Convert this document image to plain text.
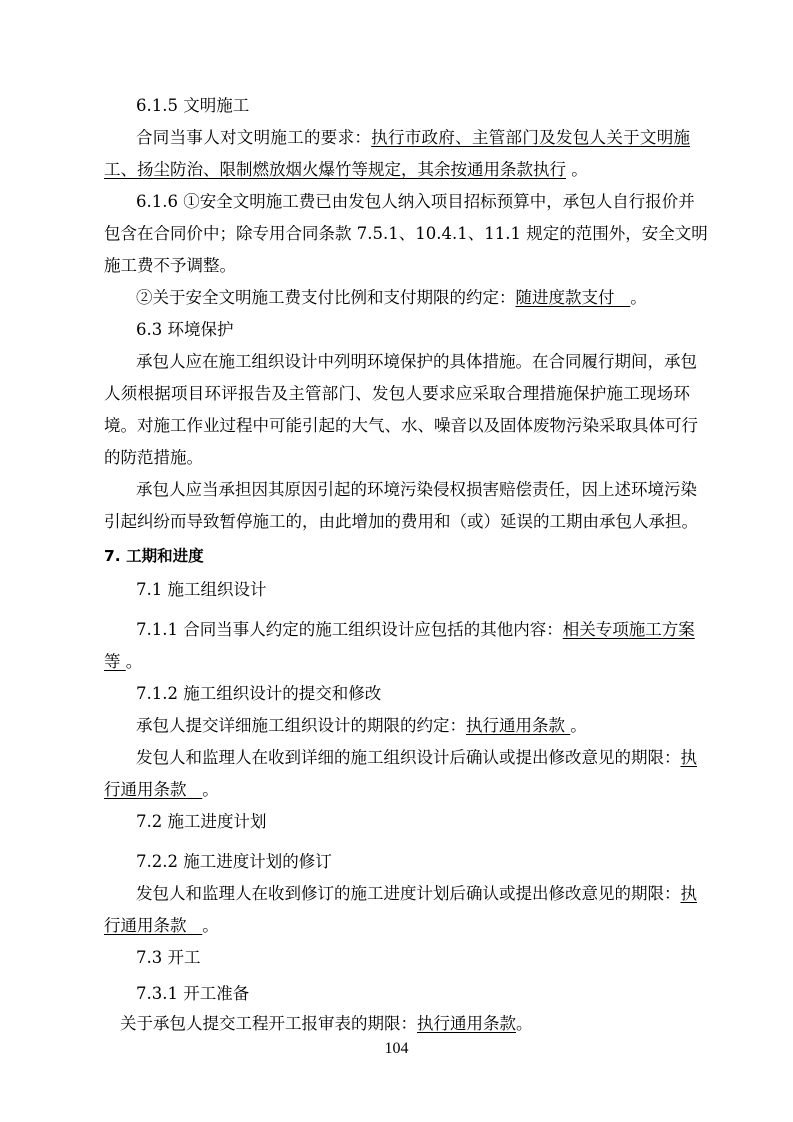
6.1.5 文明施工
合同当事人对文明施工的要求：执行市政府、主管部门及发包人关于文明施
工、扬尘防治、限制燃放烟火爆竹等规定，其余按通用条款执行 。
6.1.6 ①安全文明施工费已由发包人纳入项目招标预算中，承包人自行报价并
包含在合同价中；除专用合同条款 7.5.1、10.4.1、11.1 规定的范围外，安全文明
施工费不予调整。
②关于安全文明施工费支付比例和支付期限的约定：随进度款支付   。
6.3 环境保护
承包人应在施工组织设计中列明环境保护的具体措施。在合同履行期间，承包
人须根据项目环评报告及主管部门、发包人要求应采取合理措施保护施工现场环
境。对施工作业过程中可能引起的大气、水、噪音以及固体废物污染采取具体可行
的防范措施。
承包人应当承担因其原因引起的环境污染侵权损害赔偿责任，因上述环境污染
引起纠纷而导致暂停施工的，由此增加的费用和（或）延误的工期由承包人承担。
7. 工期和进度
7.1 施工组织设计
7.1.1 合同当事人约定的施工组织设计应包括的其他内容：相关专项施工方案
等 。
7.1.2 施工组织设计的提交和修改
承包人提交详细施工组织设计的期限的约定：执行通用条款 。
发包人和监理人在收到详细的施工组织设计后确认或提出修改意见的期限：执
行通用条款   。
7.2 施工进度计划
7.2.2 施工进度计划的修订
发包人和监理人在收到修订的施工进度计划后确认或提出修改意见的期限：执
行通用条款   。
7.3 开工
7.3.1 开工准备
关于承包人提交工程开工报审表的期限：执行通用条款。
104
